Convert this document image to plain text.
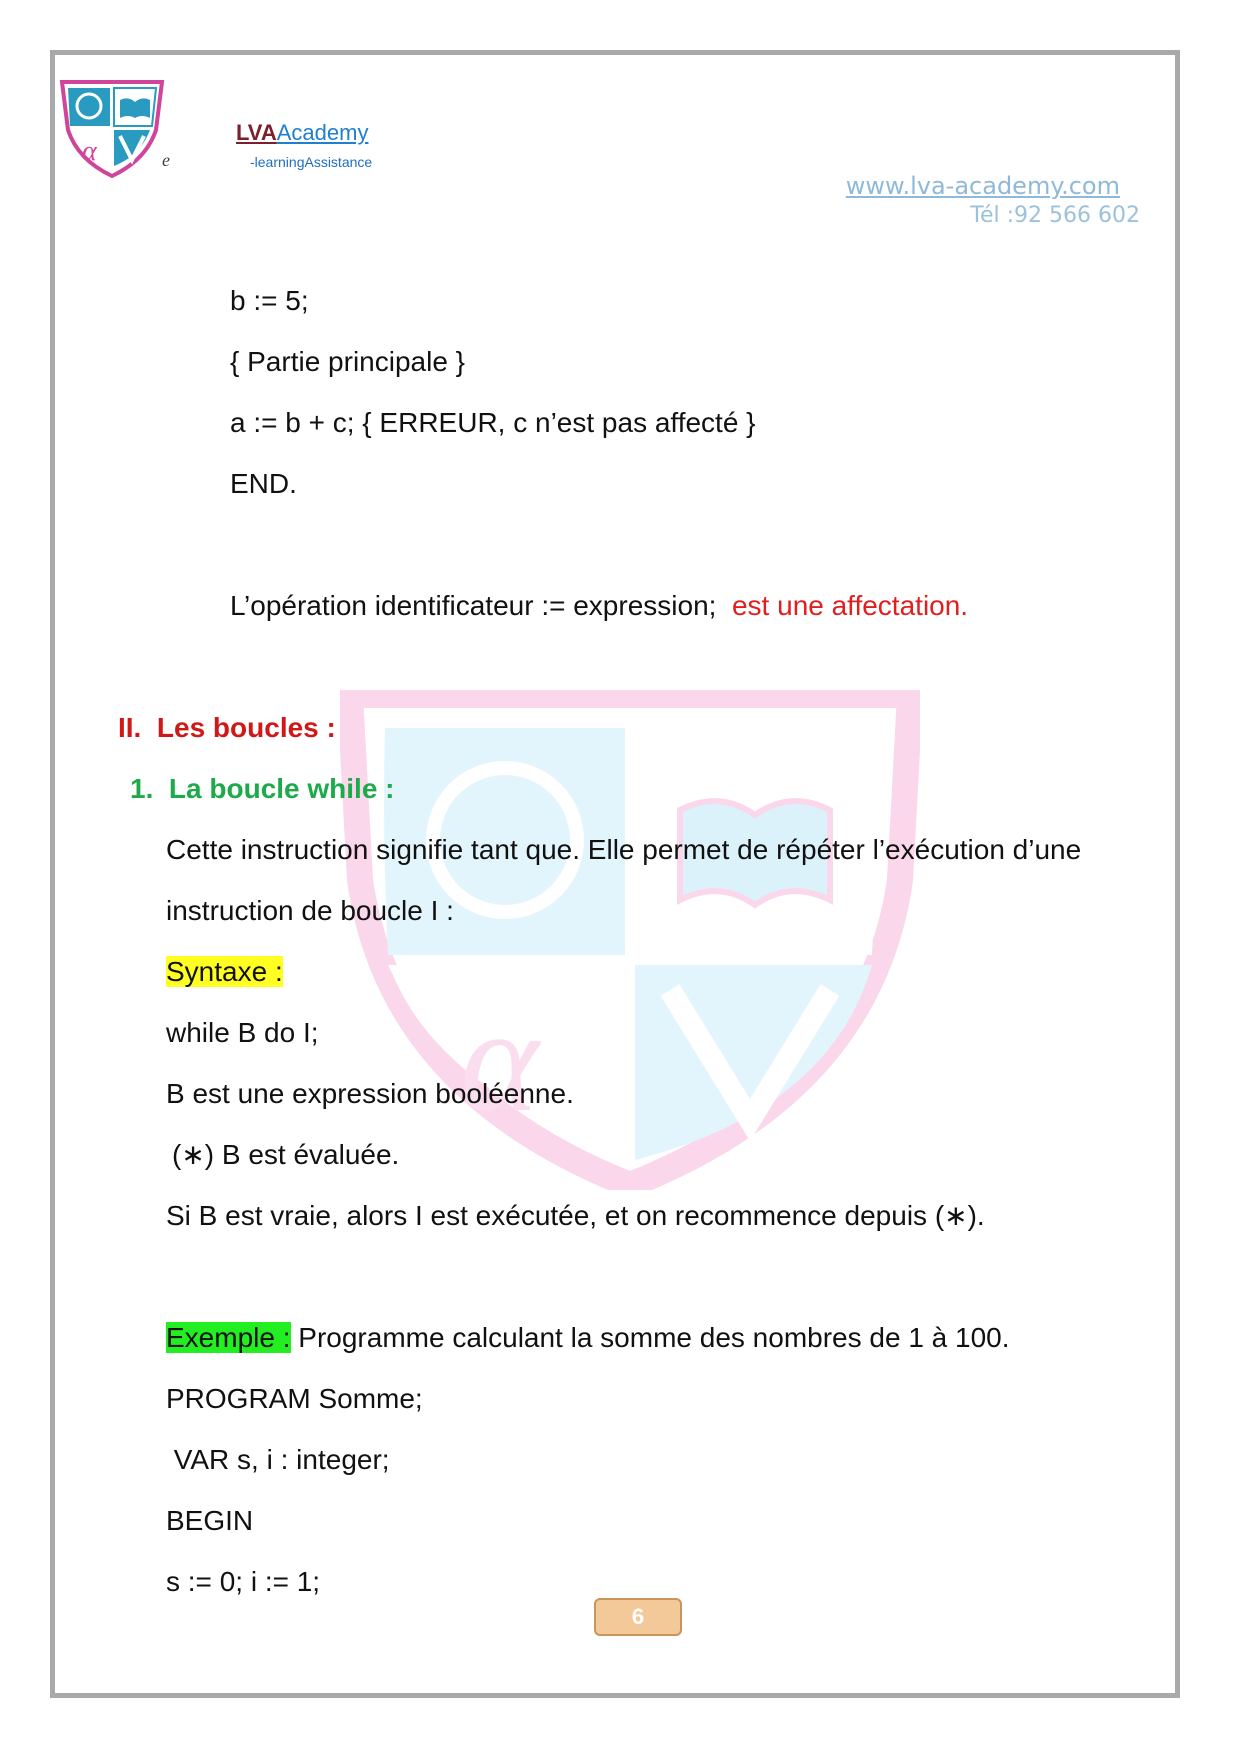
α
LVAAcademy
e	-learningAssistance
www.lva-academy.com
Tél :92 566 602
α
b := 5;
{ Partie principale }
a := b + c; { ERREUR, c n’est pas affecté }
END.
L’opération identificateur := expression; est une affectation.
II. Les boucles :
1. La boucle while :
Cette instruction signifie tant que. Elle permet de répéter l’exécution d’une
instruction de boucle I :
Syntaxe :
while B do I;
B est une expression booléenne.
(∗) B est évaluée.
Si B est vraie, alors I est exécutée, et on recommence depuis (∗).
Exemple : Programme calculant la somme des nombres de 1 à 100.
PROGRAM Somme;
VAR s, i : integer;
BEGIN
s := 0; i := 1;
6
